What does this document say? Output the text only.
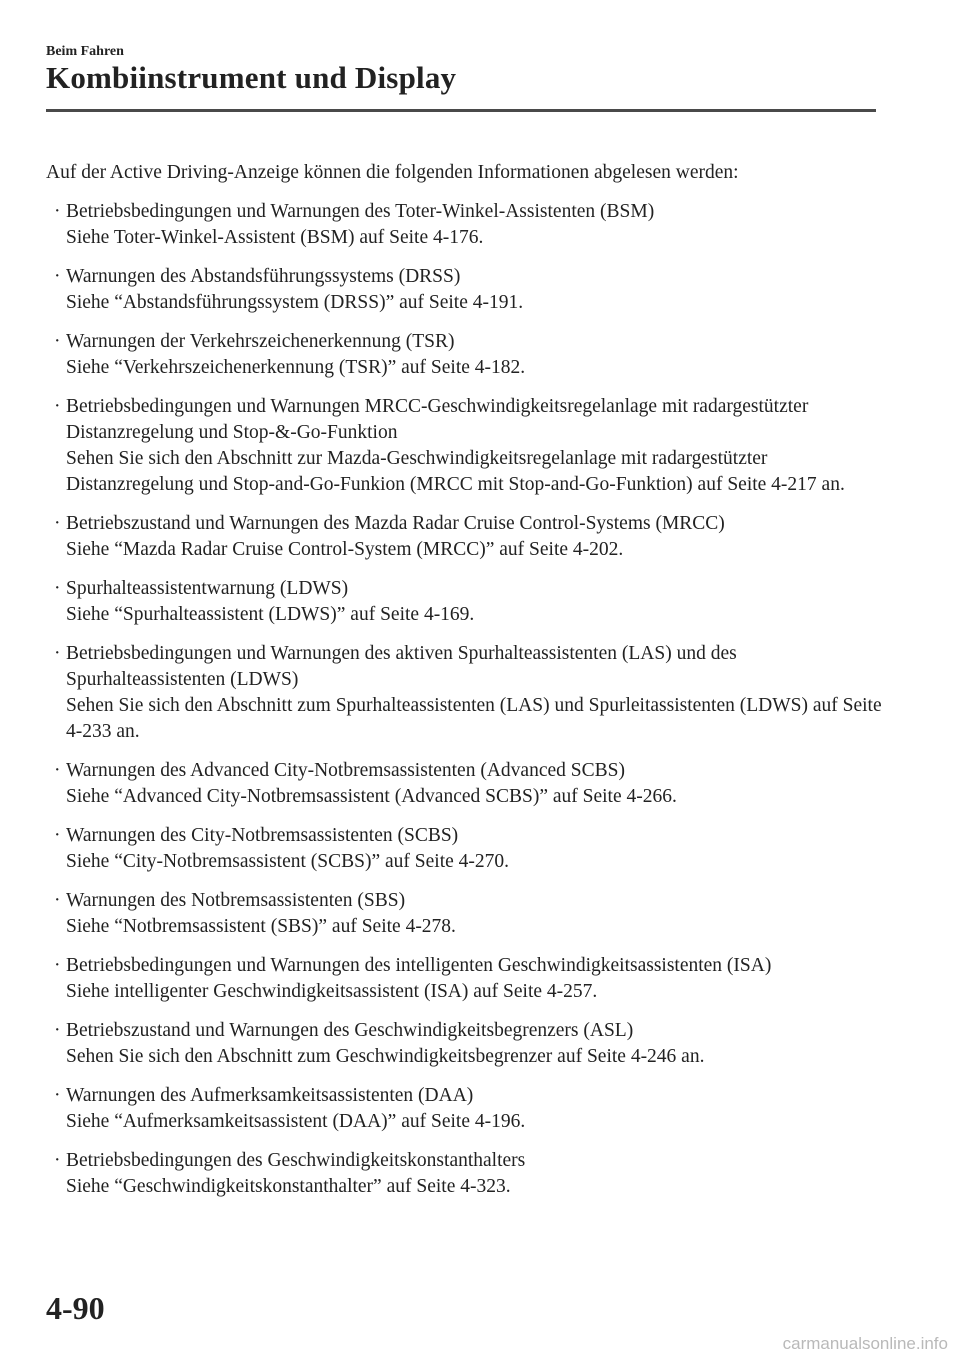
Beim Fahren
Kombiinstrument und Display

Auf der Active Driving-Anzeige können die folgenden Informationen abgelesen werden:

· Betriebsbedingungen und Warnungen des Toter-Winkel-Assistenten (BSM)
Siehe Toter-Winkel-Assistent (BSM) auf Seite 4-176.
· Warnungen des Abstandsführungssystems (DRSS)
Siehe “Abstandsführungssystem (DRSS)” auf Seite 4-191.
· Warnungen der Verkehrszeichenerkennung (TSR)
Siehe “Verkehrszeichenerkennung (TSR)” auf Seite 4-182.
· Betriebsbedingungen und Warnungen MRCC-Geschwindigkeitsregelanlage mit radargestützter Distanzregelung und Stop-&-Go-Funktion
Sehen Sie sich den Abschnitt zur Mazda-Geschwindigkeitsregelanlage mit radargestützter Distanzregelung und Stop-and-Go-Funkion (MRCC mit Stop-and-Go-Funktion) auf Seite 4-217 an.
· Betriebszustand und Warnungen des Mazda Radar Cruise Control-Systems (MRCC)
Siehe “Mazda Radar Cruise Control-System (MRCC)” auf Seite 4-202.
· Spurhalteassistentwarnung (LDWS)
Siehe “Spurhalteassistent (LDWS)” auf Seite 4-169.
· Betriebsbedingungen und Warnungen des aktiven Spurhalteassistenten (LAS) und des Spurhalteassistenten (LDWS)
Sehen Sie sich den Abschnitt zum Spurhalteassistenten (LAS) und Spurleitassistenten (LDWS) auf Seite 4-233 an.
· Warnungen des Advanced City-Notbremsassistenten (Advanced SCBS)
Siehe “Advanced City-Notbremsassistent (Advanced SCBS)” auf Seite 4-266.
· Warnungen des City-Notbremsassistenten (SCBS)
Siehe “City-Notbremsassistent (SCBS)” auf Seite 4-270.
· Warnungen des Notbremsassistenten (SBS)
Siehe “Notbremsassistent (SBS)” auf Seite 4-278.
· Betriebsbedingungen und Warnungen des intelligenten Geschwindigkeitsassistenten (ISA)
Siehe intelligenter Geschwindigkeitsassistent (ISA) auf Seite 4-257.
· Betriebszustand und Warnungen des Geschwindigkeitsbegrenzers (ASL)
Sehen Sie sich den Abschnitt zum Geschwindigkeitsbegrenzer auf Seite 4-246 an.
· Warnungen des Aufmerksamkeitsassistenten (DAA)
Siehe “Aufmerksamkeitsassistent (DAA)” auf Seite 4-196.
· Betriebsbedingungen des Geschwindigkeitskonstanthalters
Siehe “Geschwindigkeitskonstanthalter” auf Seite 4-323.
4-90
carmanualsonline.info
